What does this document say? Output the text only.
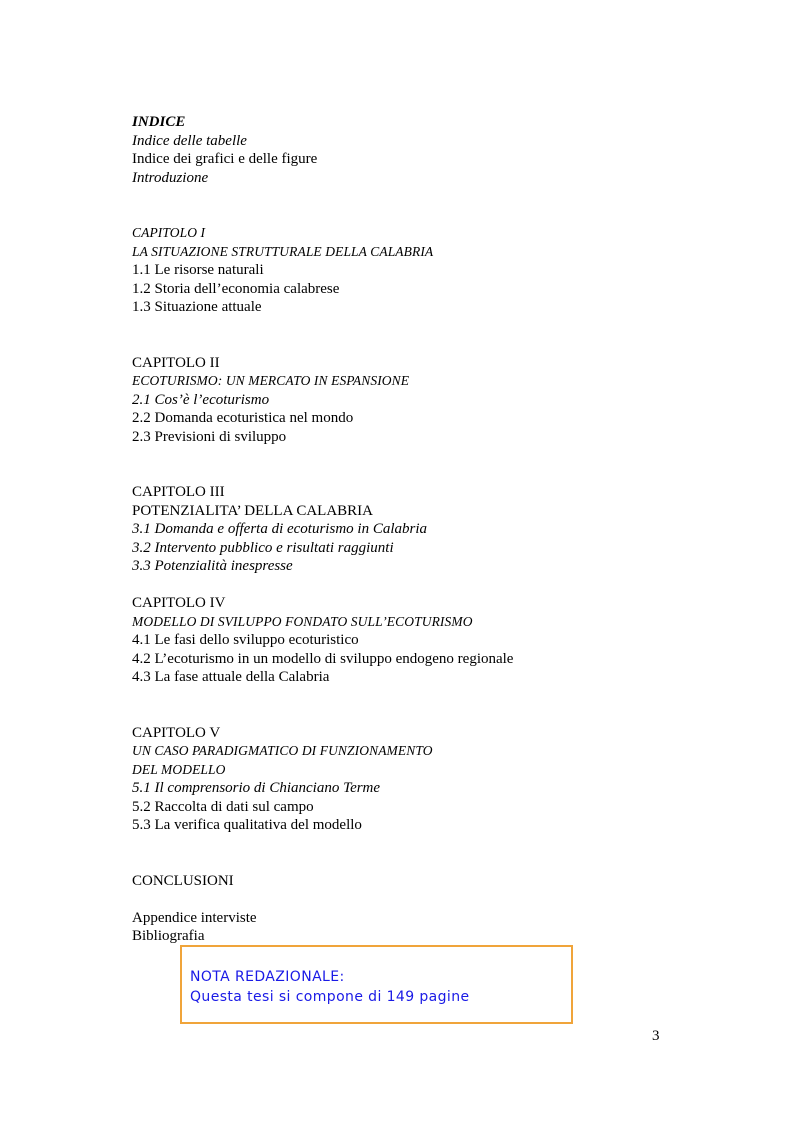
INDICE
Indice delle tabelle
Indice dei grafici e delle figure
Introduzione
CAPITOLO I
LA SITUAZIONE STRUTTURALE DELLA CALABRIA
1.1 Le risorse naturali
1.2 Storia dell’economia calabrese
1.3 Situazione attuale
CAPITOLO II
ECOTURISMO: UN MERCATO IN ESPANSIONE
2.1 Cos’è l’ecoturismo
2.2 Domanda ecoturistica nel mondo
2.3 Previsioni di sviluppo
CAPITOLO III
POTENZIALITA’ DELLA CALABRIA
3.1 Domanda e offerta di ecoturismo in Calabria
3.2 Intervento pubblico e risultati raggiunti
3.3 Potenzialità inespresse
CAPITOLO IV
MODELLO DI SVILUPPO FONDATO SULL’ECOTURISMO
4.1 Le fasi dello sviluppo ecoturistico
4.2 L’ecoturismo in un modello di sviluppo endogeno regionale
4.3 La fase attuale della Calabria
CAPITOLO V
UN CASO PARADIGMATICO DI FUNZIONAMENTO
DEL MODELLO
5.1 Il comprensorio di Chianciano Terme
5.2 Raccolta di dati sul campo
5.3 La verifica qualitativa del modello
CONCLUSIONI
Appendice interviste
Bibliografia
NOTA REDAZIONALE:
Questa tesi si compone di 149 pagine
3
